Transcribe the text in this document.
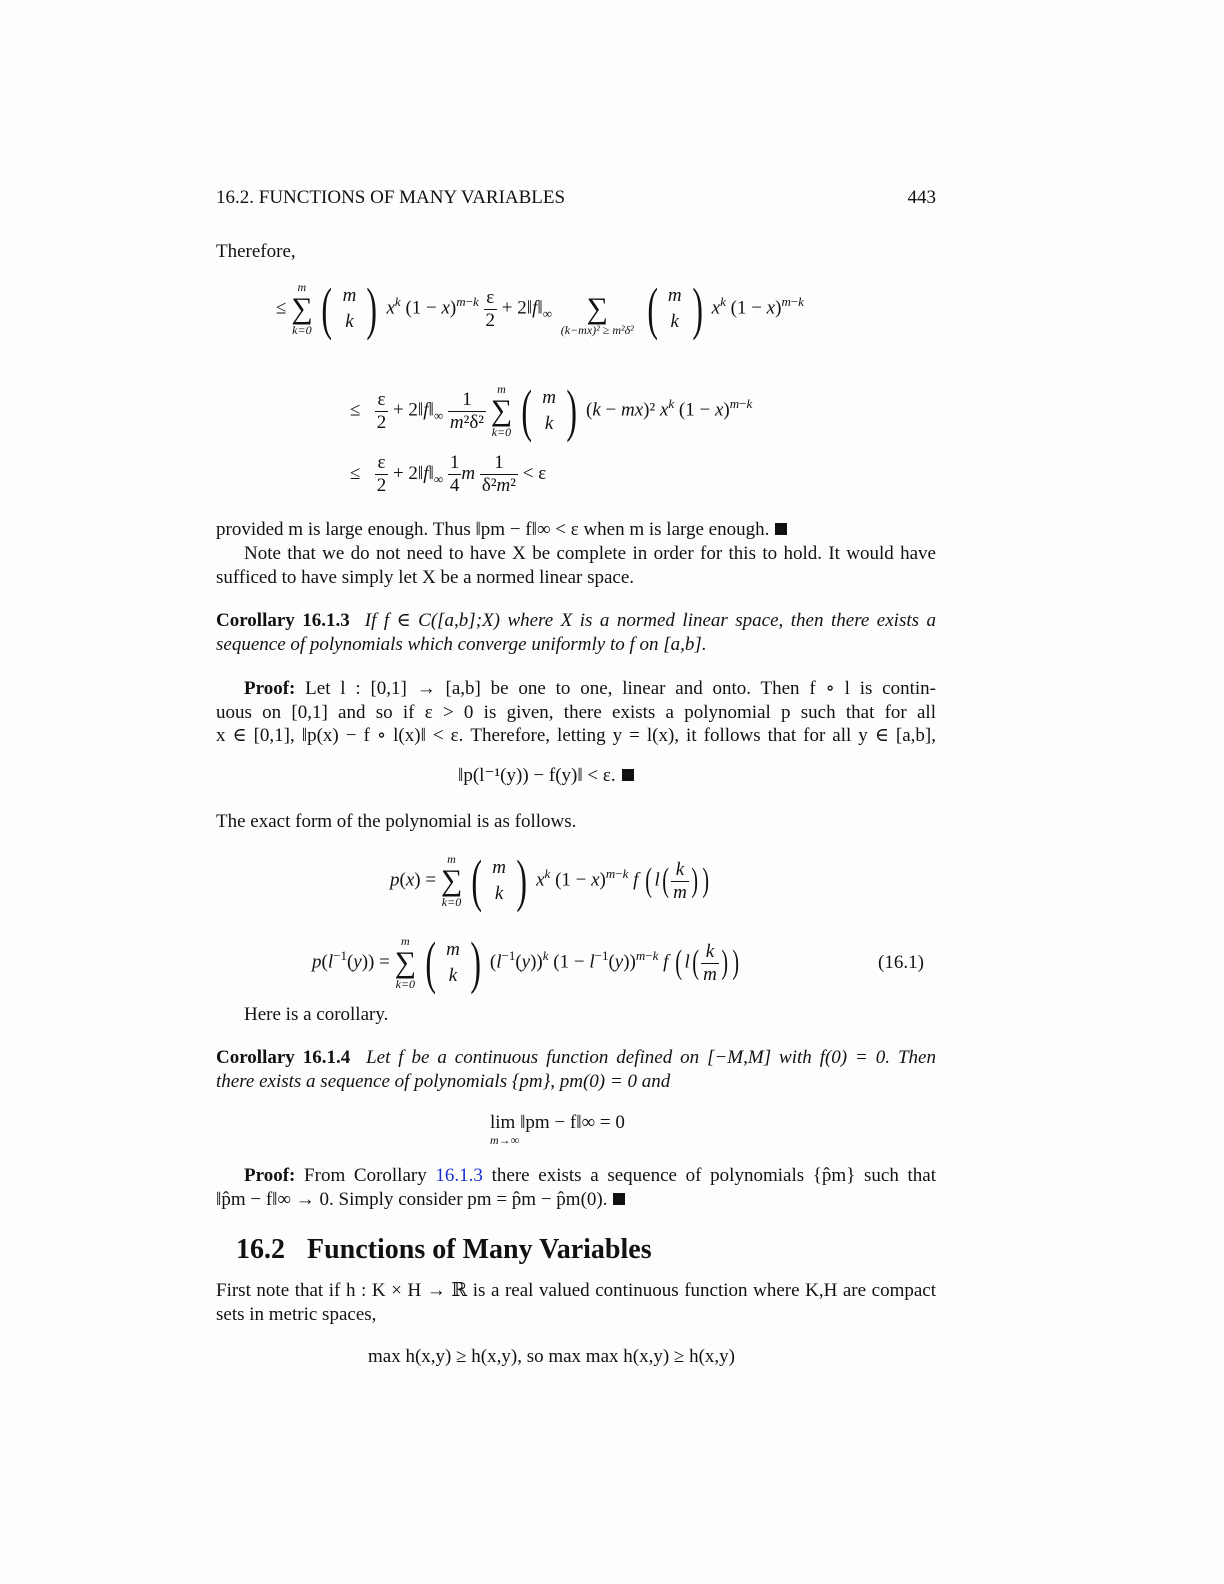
16.2. FUNCTIONS OF MANY VARIABLES	443
Therefore,
≤
m
∑
k=0 ( m
k ) $x^k$ $(1 - x)^{m-k} \frac{\varepsilon}{2}$ + $2‖f‖_\infty$
	∑
(k−mx)² ≥ m²δ² ( m
k ) $x^k$ $(1 - x)^{m-k}$
≤ $\frac{\varepsilon}{2}$ + $2‖f‖_\infty \frac{1}{\text{m²δ²}}$
m
∑
k=0 ( m
k ) (k − mx)² $x^k$ $(1 - x)^{m-k}$
≤ $\frac{\varepsilon}{2}$ + $2‖f‖_\infty \frac{1}{4}$ m $\frac{1}{\text{δ²m²}} < \varepsilon$
provided m is large enough. Thus ‖pm − f‖∞ < ε when m is large enough.
Note that we do not need to have X be complete in order for this to hold. It would have
sufficed to have simply let X be a normed linear space.
Corollary 16.1.3 If f ∈ C([a,b];X) where X is a normed linear space, then there exists a
sequence of polynomials which converge uniformly to f on [a,b].
Proof: Let l : [0,1] → [a,b] be one to one, linear and onto. Then f ∘ l is contin-
uous on [0,1] and so if ε > 0 is given, there exists a polynomial p such that for all
x ∈ [0,1], ‖p(x) − f ∘ l(x)‖ < ε. Therefore, letting y = l(x), it follows that for all y ∈ [a,b],
‖p(l⁻¹(y)) − f(y)‖ < ε.
The exact form of the polynomial is as follows.
p(x) =
m
∑
k=0 ( m
k ) $x^k$ $(1 - x)^{m-k}$ f ( $l( \frac{k}{m}$ ) )
$p(l^{-1}(y))$ =
m
∑
k=0 ( m
k ) $(l^{-1}(y))^k$ $(1 - l^{-1}(y))^{m-k}$ f ( $l( \frac{k}{m}$ ) )	(16.1)
Here is a corollary.
Corollary 16.1.4 Let f be a continuous function defined on [−M,M] with f(0) = 0. Then
there exists a sequence of polynomials {pm}, pm(0) = 0 and
lim ‖pm − f‖∞ = 0
m→∞
Proof: From Corollary 16.1.3 there exists a sequence of polynomials {p̂m} such that
‖p̂m − f‖∞ → 0. Simply consider pm = p̂m − p̂m(0).
16.2 Functions of Many Variables
First note that if h : K × H → ℝ is a real valued continuous function where K,H are compact
sets in metric spaces,
max h(x,y) ≥ h(x,y), so max max h(x,y) ≥ h(x,y)
